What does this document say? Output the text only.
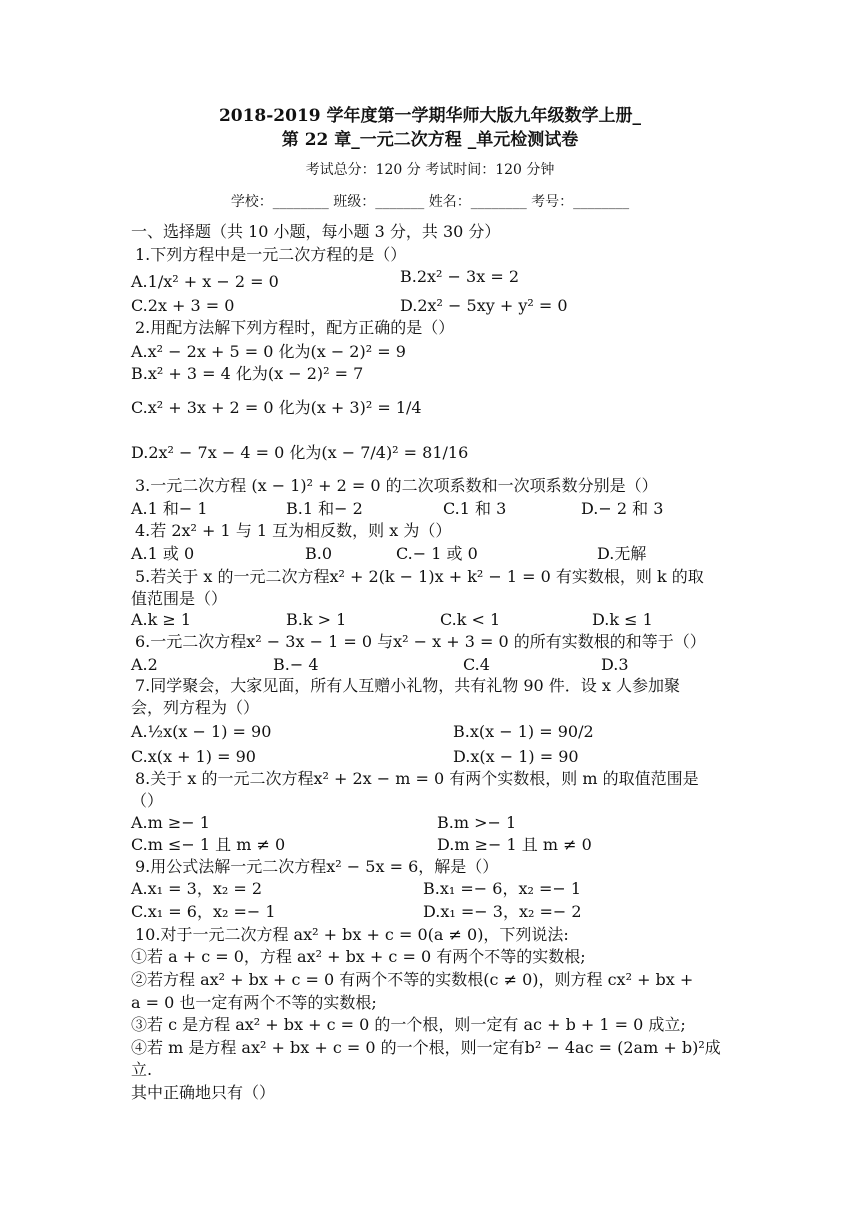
2018-2019 学年度第一学期华师大版九年级数学上册_
第 22 章_一元二次方程 _单元检测试卷
考试总分：120 分 考试时间：120 分钟
学校：________ 班级：_______ 姓名：________ 考号：________
一、选择题（共 10 小题，每小题 3 分，共 30 分）
1.下列方程中是一元二次方程的是（）
A.1/x² + x − 2 = 0	B.2x² − 3x = 2
C.2x + 3 = 0	D.2x² − 5xy + y² = 0
2.用配方法解下列方程时，配方正确的是（）
A.x² − 2x + 5 = 0 化为(x − 2)² = 9
B.x² + 3 = 4 化为(x − 2)² = 7
C.x² + 3x + 2 = 0 化为(x + 3)² = 1/4
D.2x² − 7x − 4 = 0 化为(x − 7/4)² = 81/16
3.一元二次方程 (x − 1)² + 2 = 0 的二次项系数和一次项系数分别是（）
A.1 和− 1	B.1 和− 2	C.1 和 3	D.− 2 和 3
4.若 2x² + 1 与 1 互为相反数，则 x 为（）
A.1 或 0	B.0	C.− 1 或 0	D.无解
5.若关于 x 的一元二次方程x² + 2(k − 1)x + k² − 1 = 0 有实数根，则 k 的取
值范围是（）
A.k ≥ 1	B.k > 1	C.k < 1	D.k ≤ 1
6.一元二次方程x² − 3x − 1 = 0 与x² − x + 3 = 0 的所有实数根的和等于（）
A.2	B.− 4	C.4	D.3
7.同学聚会，大家见面，所有人互赠小礼物，共有礼物 90 件．设 x 人参加聚
会，列方程为（）
A.½x(x − 1) = 90	B.x(x − 1) = 90/2
C.x(x + 1) = 90	D.x(x − 1) = 90
8.关于 x 的一元二次方程x² + 2x − m = 0 有两个实数根，则 m 的取值范围是
（）
A.m ≥− 1	B.m >− 1
C.m ≤− 1 且 m ≠ 0	D.m ≥− 1 且 m ≠ 0
9.用公式法解一元二次方程x² − 5x = 6，解是（）
A.x₁ = 3，x₂ = 2	B.x₁ =− 6，x₂ =− 1
C.x₁ = 6，x₂ =− 1	D.x₁ =− 3，x₂ =− 2
10.对于一元二次方程 ax² + bx + c = 0(a ≠ 0)，下列说法:
①若 a + c = 0，方程 ax² + bx + c = 0 有两个不等的实数根;
②若方程 ax² + bx + c = 0 有两个不等的实数根(c ≠ 0)，则方程 cx² + bx +
a = 0 也一定有两个不等的实数根;
③若 c 是方程 ax² + bx + c = 0 的一个根，则一定有 ac + b + 1 = 0 成立;
④若 m 是方程 ax² + bx + c = 0 的一个根，则一定有b² − 4ac = (2am + b)²成
立.
其中正确地只有（）
